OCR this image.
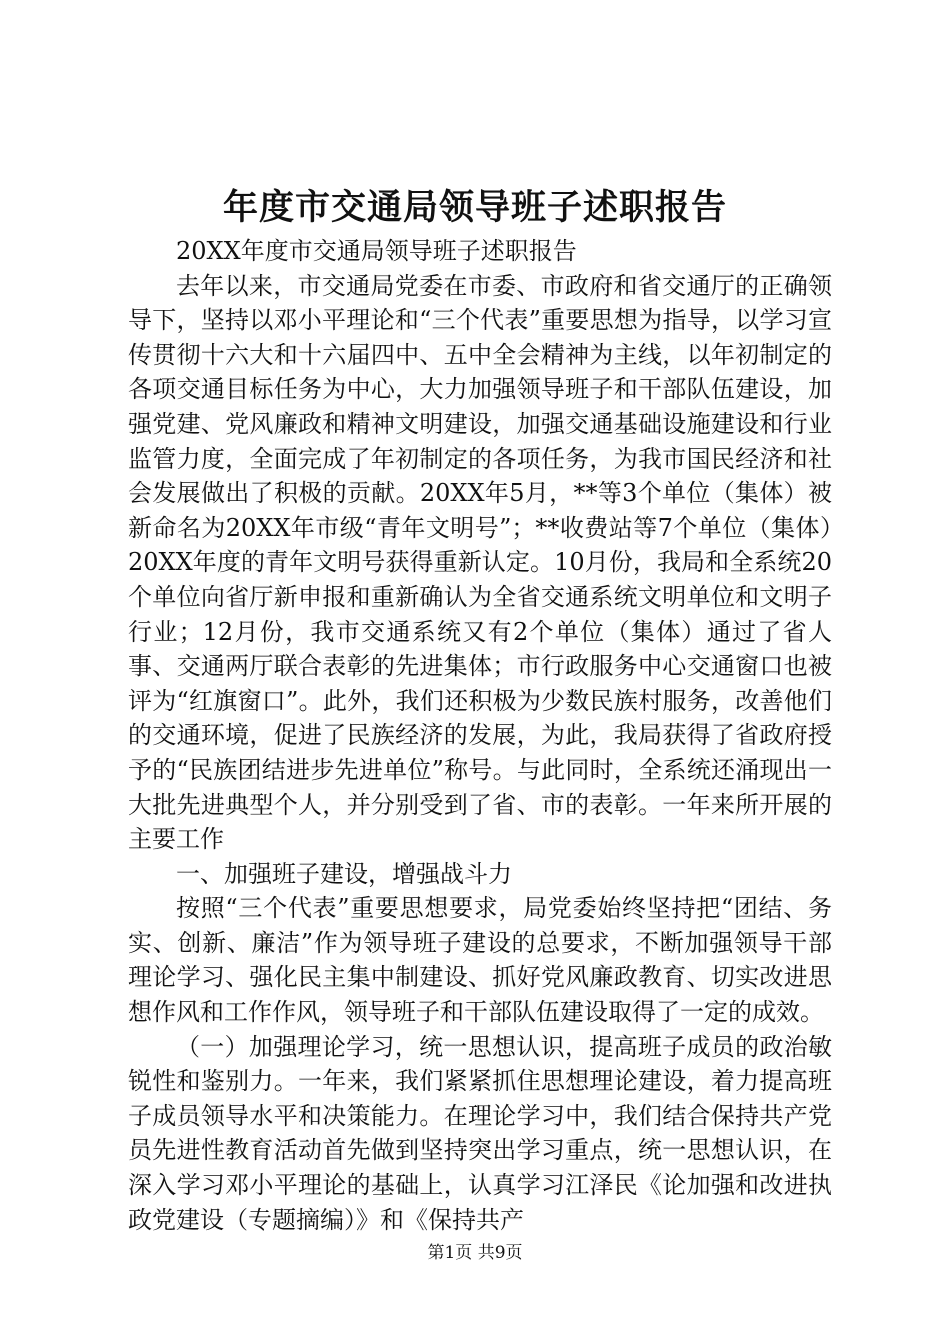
年度市交通局领导班子述职报告

20XX年度市交通局领导班子述职报告

去年以来，市交通局党委在市委、市政府和省交通厅的正确领导下，坚持以邓小平理论和“三个代表”重要思想为指导，以学习宣传贯彻十六大和十六届四中、五中全会精神为主线，以年初制定的各项交通目标任务为中心，大力加强领导班子和干部队伍建设，加强党建、党风廉政和精神文明建设，加强交通基础设施建设和行业监管力度，全面完成了年初制定的各项任务，为我市国民经济和社会发展做出了积极的贡献。20XX年5月，**等3个单位（集体）被新命名为20XX年市级“青年文明号”；**收费站等7个单位（集体）20XX年度的青年文明号获得重新认定。10月份，我局和全系统20个单位向省厅新申报和重新确认为全省交通系统文明单位和文明子行业；12月份，我市交通系统又有2个单位（集体）通过了省人事、交通两厅联合表彰的先进集体；市行政服务中心交通窗口也被评为“红旗窗口”。此外，我们还积极为少数民族村服务，改善他们的交通环境，促进了民族经济的发展，为此，我局获得了省政府授予的“民族团结进步先进单位”称号。与此同时，全系统还涌现出一大批先进典型个人，并分别受到了省、市的表彰。一年来所开展的主要工作

一、加强班子建设，增强战斗力

按照“三个代表”重要思想要求，局党委始终坚持把“团结、务实、创新、廉洁”作为领导班子建设的总要求，不断加强领导干部理论学习、强化民主集中制建设、抓好党风廉政教育、切实改进思想作风和工作作风，领导班子和干部队伍建设取得了一定的成效。

（一）加强理论学习，统一思想认识，提高班子成员的政治敏锐性和鉴别力。一年来，我们紧紧抓住思想理论建设，着力提高班子成员领导水平和决策能力。在理论学习中，我们结合保持共产党员先进性教育活动首先做到坚持突出学习重点，统一思想认识，在深入学习邓小平理论的基础上，认真学习江泽民《论加强和改进执政党建设（专题摘编）》和《保持共产

第1页 共9页
